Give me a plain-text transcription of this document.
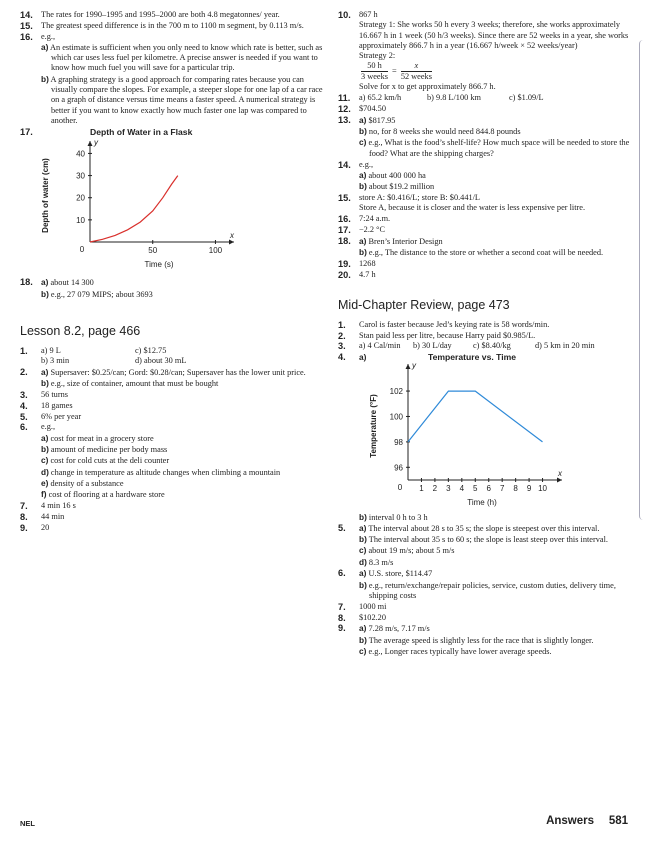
14. The rates for 1990–1995 and 1995–2000 are both 4.8 megatonnes/ year.
15. The greatest speed difference is in the 700 m to 1100 m segment, by 0.113 m/s.
16. e.g.,
a) An estimate is sufficient when you only need to know which rate is better, such as which car uses less fuel per kilometre. A precise answer is needed if you want to know how much fuel you will save for a particular trip.
b) A graphing strategy is a good approach for comparing rates because you can visually compare the slopes. For example, a steeper slope for one lap of a car race on a graph of distance versus time means a faster speed. A numerical strategy is better if you want to know exactly how much faster one lap was compared to another.
17.	Depth of Water in a Flask
y
x
0	50	100
10
20
30
40
Time (s)
Depth of water (cm)
18. a) about 14 300
b) e.g., 27 079 MIPS; about 3693
Lesson 8.2, page 466
1.	a) 9 L	c) $12.75
b) 3 min	d) about 30 mL
2.	a) Supersaver: $0.25/can; Gord: $0.28/can; Supersaver has the lower unit price.
b) e.g., size of container, amount that must be bought
3.	56 turns
4.	18 games
5.	6% per year
6.	e.g.,
a) cost for meat in a grocery store
b) amount of medicine per body mass
c) cost for cold cuts at the deli counter
d) change in temperature as altitude changes when climbing a mountain
e) density of a substance
f) cost of flooring at a hardware store
7.	4 min 16 s
8.	44 min
9.	20
10. 867 h
Strategy 1: She works 50 h every 3 weeks; therefore, she works approximately 16.667 h in 1 week (50 h/3 weeks). Since there are 52 weeks in a year, she works approximately 866.7 h in a year (16.667 h/week × 52 weeks/year)
Strategy 2:
$\frac{50 h}{\text{3 weeks}} = \frac{x}{\text{52 weeks}}$
Solve for x to get approximately 866.7 h.
11.	a) 65.2 km/h	b) 9.8 L/100 km	c) $1.09/L
12. $704.50
13. a) $817.95
b) no, for 8 weeks she would need 844.8 pounds
c) e.g., What is the food’s shelf-life? How much space will be needed to store the food? What are the shipping charges?
14. e.g.,
a) about 400 000 ha
b) about $19.2 million
15. store A: $0.416/L; store B: $0.441/L
Store A, because it is closer and the water is less expensive per litre.
16. 7:24 a.m.
17. −2.2 °C
18. a) Bren’s Interior Design
b) e.g., The distance to the store or whether a second coat will be needed.
19. 1268
20. 4.7 h
Mid-Chapter Review, page 473
1.	Carol is faster because Jed’s keying rate is 58 words/min.
2.	Stan paid less per litre, because Harry paid $0.985/L.
3.	a) 4 Cal/min	b) 30 L/day	c) $8.40/kg	d) 5 km in 20 min
4.	a)	Temperature vs. Time
y
x
0 1 2 3 4 5 6 7 8 9 10
96
98
100
102
Time (h)
Temperature (°F)
b) interval 0 h to 3 h
5.	a) The interval about 28 s to 35 s; the slope is steepest over this interval.
b) The interval about 35 s to 60 s; the slope is least steep over this interval.
c) about 19 m/s; about 5 m/s
d) 8.3 m/s
6.	a) U.S. store, $114.47
b) e.g., return/exchange/repair policies, service, custom duties, delivery time, shipping costs
7.	1000 mi
8.	$102.20
9.	a) 7.28 m/s, 7.17 m/s
b) The average speed is slightly less for the race that is slightly longer.
c) e.g., Longer races typically have lower average speeds.
NEL	Answers 581
